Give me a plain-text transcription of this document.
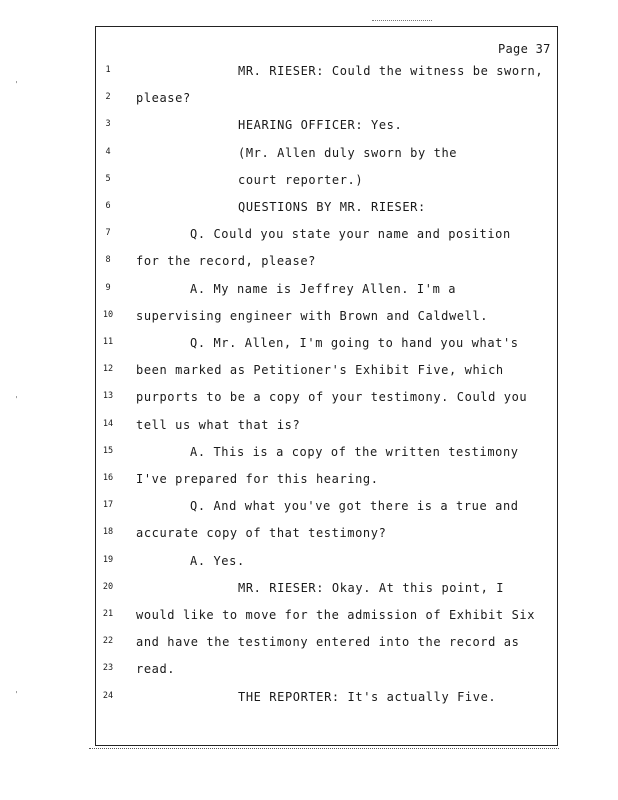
Page 37
1	MR. RIESER: Could the witness be sworn,
2	please?
3	HEARING OFFICER: Yes.
4	(Mr. Allen duly sworn by the
5	court reporter.)
6	QUESTIONS BY MR. RIESER:
7	Q. Could you state your name and position
8	for the record, please?
9	A. My name is Jeffrey Allen. I'm a
10	supervising engineer with Brown and Caldwell.
11	Q. Mr. Allen, I'm going to hand you what's
12	been marked as Petitioner's Exhibit Five, which
13	purports to be a copy of your testimony. Could you
14	tell us what that is?
15	A. This is a copy of the written testimony
16	I've prepared for this hearing.
17	Q. And what you've got there is a true and
18	accurate copy of that testimony?
19	A. Yes.
20	MR. RIESER: Okay. At this point, I
21	would like to move for the admission of Exhibit Six
22	and have the testimony entered into the record as
23	read.
24	THE REPORTER: It's actually Five.
'
'
'
